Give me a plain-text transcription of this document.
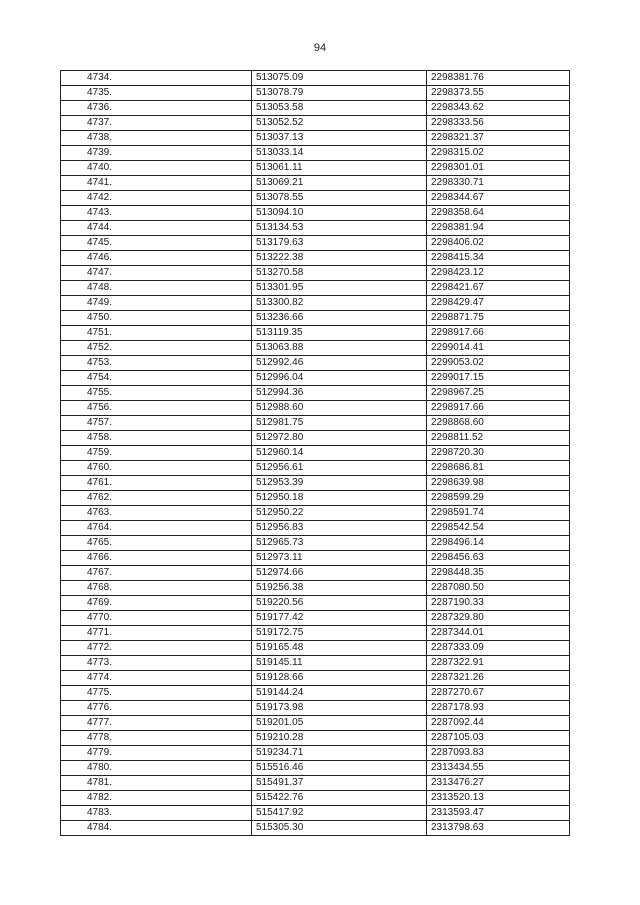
94
4734.	513075.09	2298381.76
4735.	513078.79	2298373.55
4736.	513053.58	2298343.62
4737.	513052.52	2298333.56
4738.	513037.13	2298321.37
4739.	513033.14	2298315.02
4740.	513061.11	2298301.01
4741.	513069.21	2298330.71
4742.	513078.55	2298344.67
4743.	513094.10	2298358.64
4744.	513134.53	2298381.94
4745.	513179.63	2298406.02
4746.	513222.38	2298415.34
4747.	513270.58	2298423.12
4748.	513301.95	2298421.67
4749.	513300.82	2298429.47
4750.	513236.66	2298871.75
4751.	513119.35	2298917.66
4752.	513063.88	2299014.41
4753.	512992.46	2299053.02
4754.	512996.04	2299017.15
4755.	512994.36	2298967.25
4756.	512988.60	2298917.66
4757.	512981.75	2298868.60
4758.	512972.80	2298811.52
4759.	512960.14	2298720.30
4760.	512956.61	2298686.81
4761.	512953.39	2298639.98
4762.	512950.18	2298599.29
4763.	512950.22	2298591.74
4764.	512956.83	2298542.54
4765.	512965.73	2298496.14
4766.	512973.11	2298456.63
4767.	512974.66	2298448.35
4768.	519256.38	2287080.50
4769.	519220.56	2287190.33
4770.	519177.42	2287329.80
4771.	519172.75	2287344.01
4772.	519165.48	2287333.09
4773.	519145.11	2287322.91
4774.	519128.66	2287321.26
4775.	519144.24	2287270.67
4776.	519173.98	2287178.93
4777.	519201.05	2287092.44
4778.	519210.28	2287105.03
4779.	519234.71	2287093.83
4780.	515516.46	2313434.55
4781.	515491.37	2313476.27
4782.	515422.76	2313520.13
4783.	515417.92	2313593.47
4784.	515305.30	2313798.63
